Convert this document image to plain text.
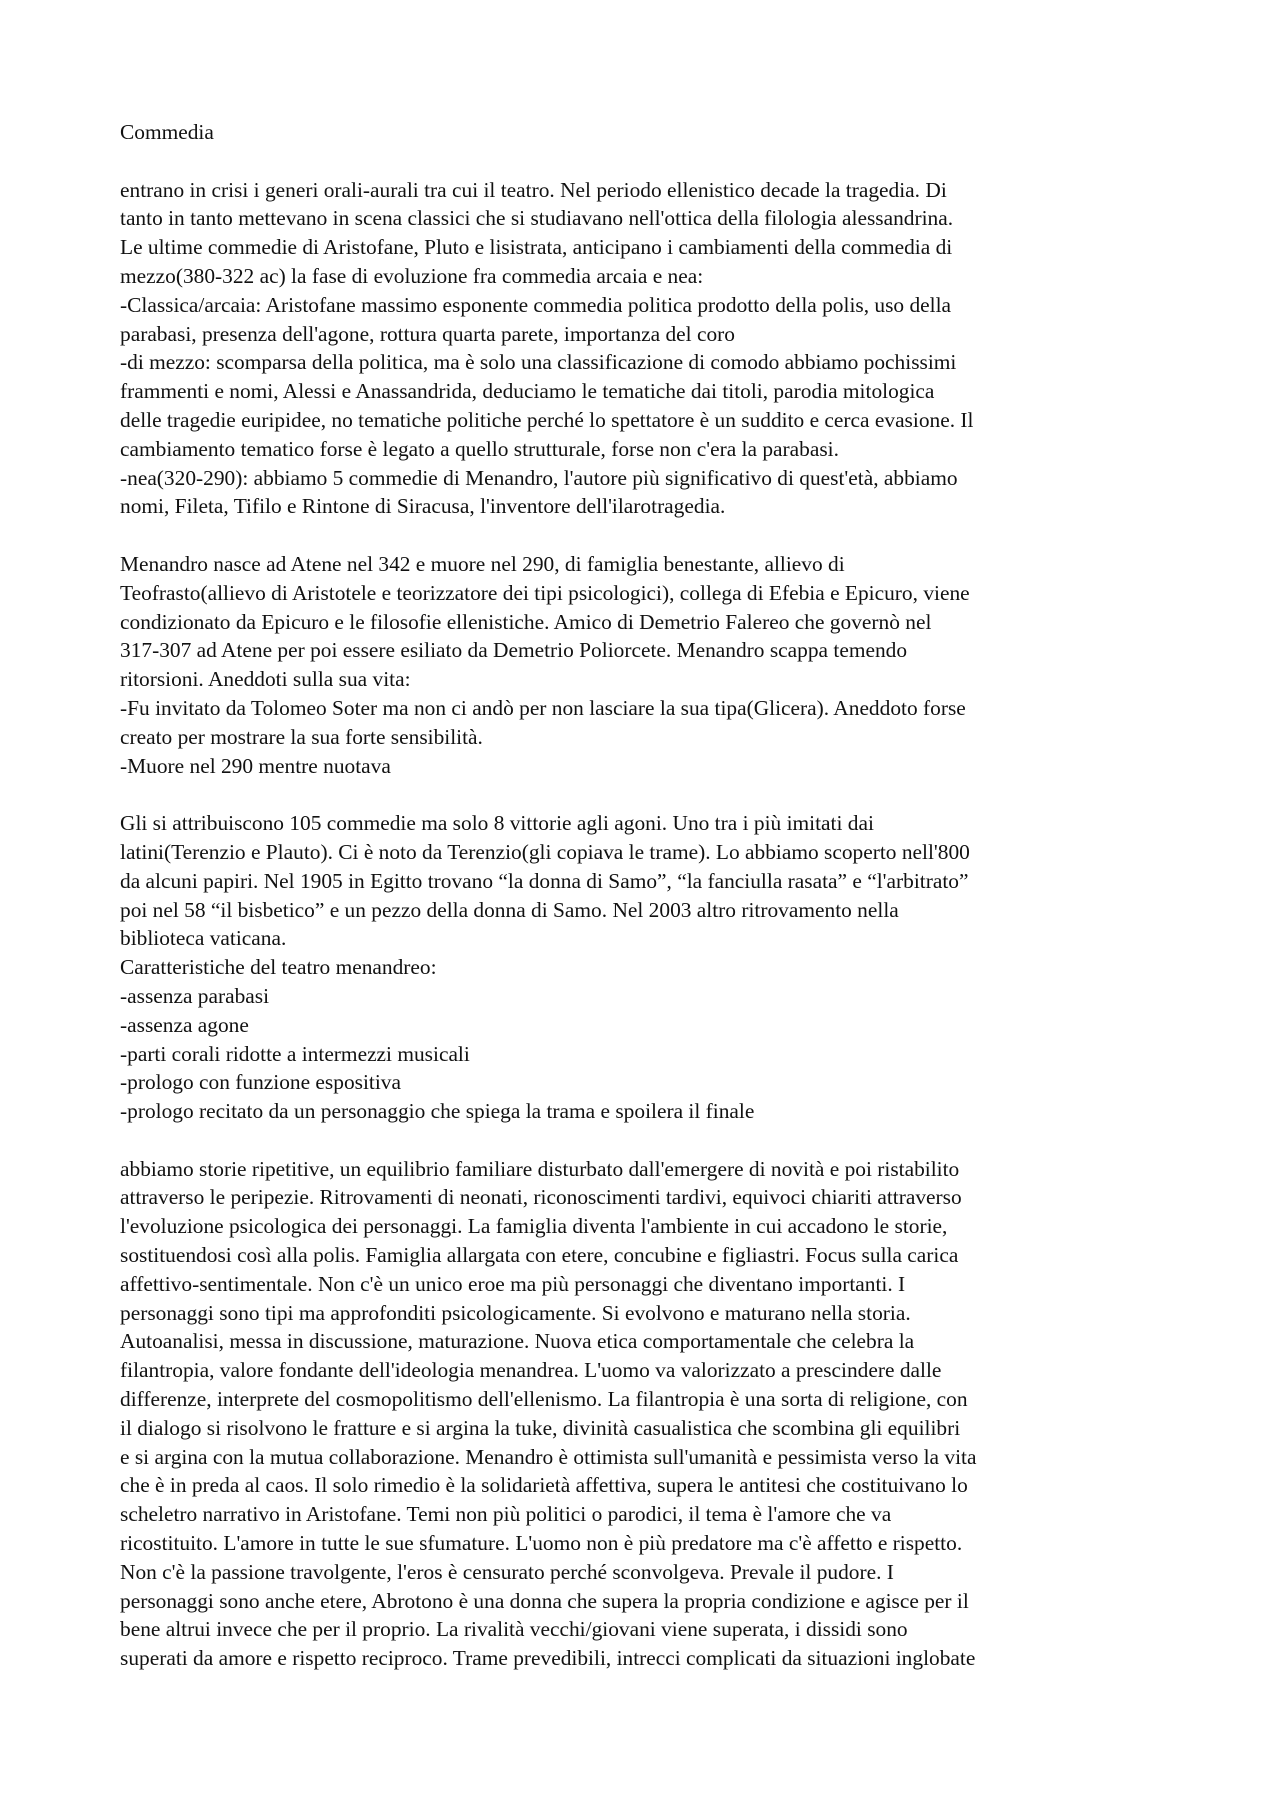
Commedia
entrano in crisi i generi orali-aurali tra cui il teatro. Nel periodo ellenistico decade la tragedia. Di
tanto in tanto mettevano in scena classici che si studiavano nell'ottica della filologia alessandrina.
Le ultime commedie di Aristofane, Pluto e lisistrata, anticipano i cambiamenti della commedia di
mezzo(380-322 ac) la fase di evoluzione fra commedia arcaia e nea:
-Classica/arcaia: Aristofane massimo esponente commedia politica prodotto della polis, uso della
parabasi, presenza dell'agone, rottura quarta parete, importanza del coro
-di mezzo: scomparsa della politica, ma è solo una classificazione di comodo abbiamo pochissimi
frammenti e nomi, Alessi e Anassandrida, deduciamo le tematiche dai titoli, parodia mitologica
delle tragedie euripidee, no tematiche politiche perché lo spettatore è un suddito e cerca evasione. Il
cambiamento tematico forse è legato a quello strutturale, forse non c'era la parabasi.
-nea(320-290): abbiamo 5 commedie di Menandro, l'autore più significativo di quest'età, abbiamo
nomi, Fileta, Tifilo e Rintone di Siracusa, l'inventore dell'ilarotragedia.
Menandro nasce ad Atene nel 342 e muore nel 290, di famiglia benestante, allievo di
Teofrasto(allievo di Aristotele e teorizzatore dei tipi psicologici), collega di Efebia e Epicuro, viene
condizionato da Epicuro e le filosofie ellenistiche. Amico di Demetrio Falereo che governò nel
317-307 ad Atene per poi essere esiliato da Demetrio Poliorcete. Menandro scappa temendo
ritorsioni. Aneddoti sulla sua vita:
-Fu invitato da Tolomeo Soter ma non ci andò per non lasciare la sua tipa(Glicera). Aneddoto forse
creato per mostrare la sua forte sensibilità.
-Muore nel 290 mentre nuotava
Gli si attribuiscono 105 commedie ma solo 8 vittorie agli agoni. Uno tra i più imitati dai
latini(Terenzio e Plauto). Ci è noto da Terenzio(gli copiava le trame). Lo abbiamo scoperto nell'800
da alcuni papiri. Nel 1905 in Egitto trovano “la donna di Samo”, “la fanciulla rasata” e “l'arbitrato”
poi nel 58 “il bisbetico” e un pezzo della donna di Samo. Nel 2003 altro ritrovamento nella
biblioteca vaticana.
Caratteristiche del teatro menandreo:
-assenza parabasi
-assenza agone
-parti corali ridotte a intermezzi musicali
-prologo con funzione espositiva
-prologo recitato da un personaggio che spiega la trama e spoilera il finale
abbiamo storie ripetitive, un equilibrio familiare disturbato dall'emergere di novità e poi ristabilito
attraverso le peripezie. Ritrovamenti di neonati, riconoscimenti tardivi, equivoci chiariti attraverso
l'evoluzione psicologica dei personaggi. La famiglia diventa l'ambiente in cui accadono le storie,
sostituendosi così alla polis. Famiglia allargata con etere, concubine e figliastri. Focus sulla carica
affettivo-sentimentale. Non c'è un unico eroe ma più personaggi che diventano importanti. I
personaggi sono tipi ma approfonditi psicologicamente. Si evolvono e maturano nella storia.
Autoanalisi, messa in discussione, maturazione. Nuova etica comportamentale che celebra la
filantropia, valore fondante dell'ideologia menandrea. L'uomo va valorizzato a prescindere dalle
differenze, interprete del cosmopolitismo dell'ellenismo. La filantropia è una sorta di religione, con
il dialogo si risolvono le fratture e si argina la tuke, divinità casualistica che scombina gli equilibri
e si argina con la mutua collaborazione. Menandro è ottimista sull'umanità e pessimista verso la vita
che è in preda al caos. Il solo rimedio è la solidarietà affettiva, supera le antitesi che costituivano lo
scheletro narrativo in Aristofane. Temi non più politici o parodici, il tema è l'amore che va
ricostituito. L'amore in tutte le sue sfumature. L'uomo non è più predatore ma c'è affetto e rispetto.
Non c'è la passione travolgente, l'eros è censurato perché sconvolgeva. Prevale il pudore. I
personaggi sono anche etere, Abrotono è una donna che supera la propria condizione e agisce per il
bene altrui invece che per il proprio. La rivalità vecchi/giovani viene superata, i dissidi sono
superati da amore e rispetto reciproco. Trame prevedibili, intrecci complicati da situazioni inglobate
